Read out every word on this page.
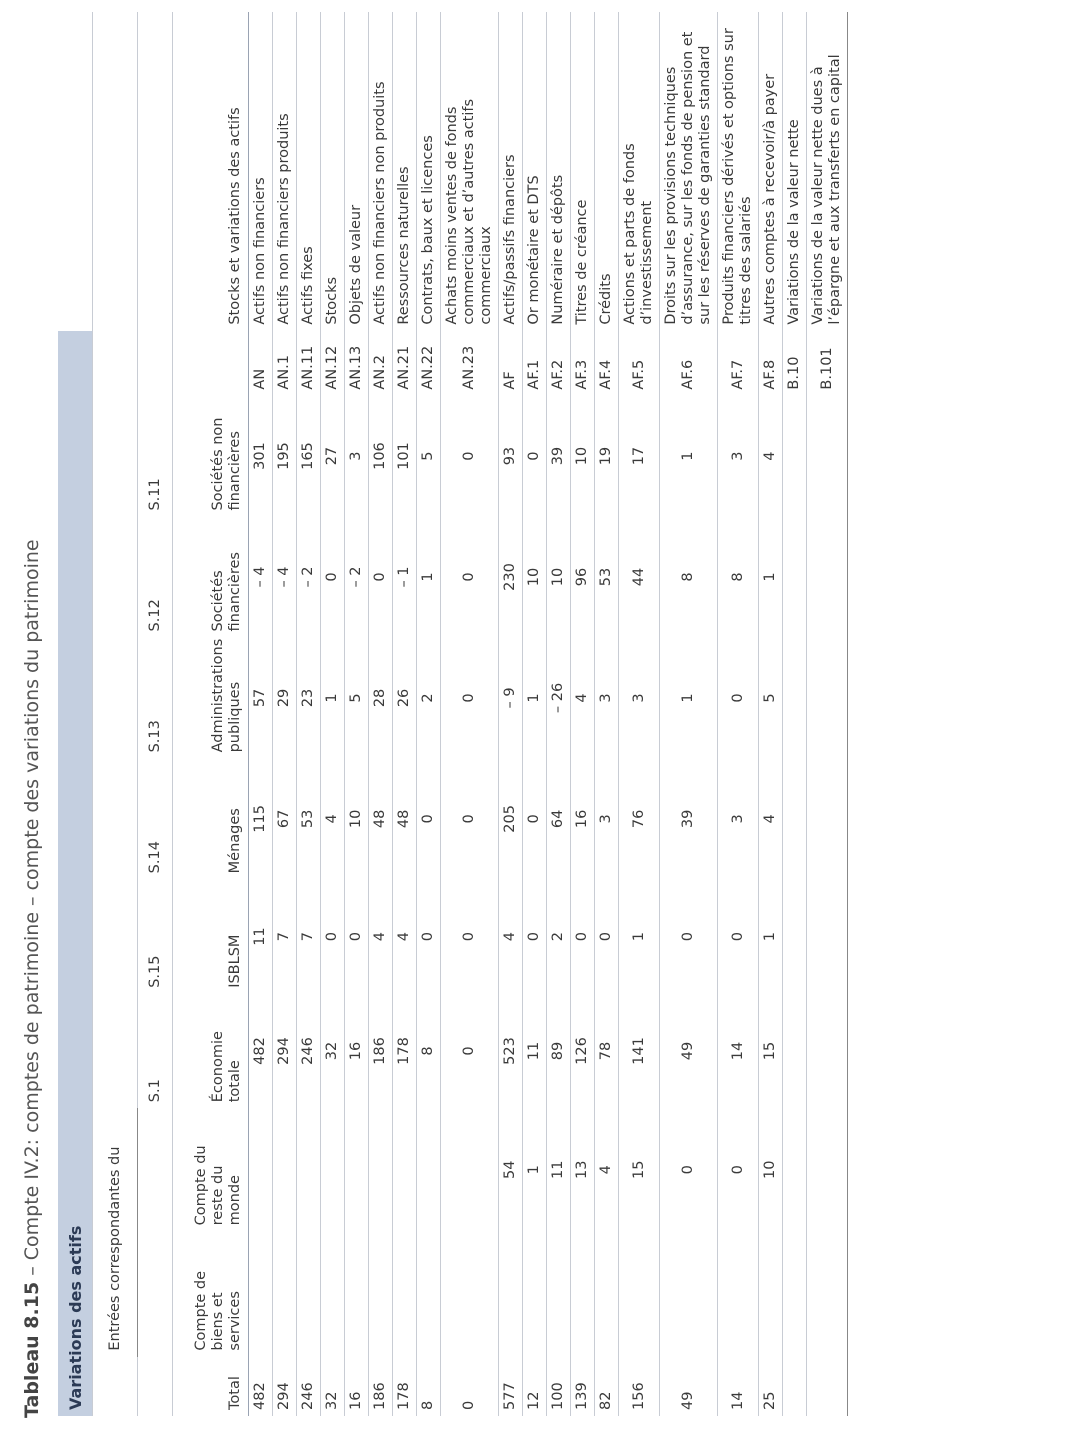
Tableau 8.15 – Compte IV.2: comptes de patrimoine – compte des variations du patrimoine
Variations des actifs										
	Entrées correspondantes du									
			S.1	S.15	S.14	S.13	S.12	S.11		
Total	Compte de biens et services	Compte du reste du monde	Économie totale	ISBLSM	Ménages	Administrations publiques	Sociétés financières	Sociétés non financières		Stocks et variations des actifs
482			482	11	115	57	– 4	301	AN	Actifs non financiers
294			294	7	67	29	– 4	195	AN.1	Actifs non financiers produits
246			246	7	53	23	– 2	165	AN.11	Actifs fixes
32			32	0	4	1	0	27	AN.12	Stocks
16			16	0	10	5	– 2	3	AN.13	Objets de valeur
186			186	4	48	28	0	106	AN.2	Actifs non financiers non produits
178			178	4	48	26	– 1	101	AN.21	Ressources naturelles
8			8	0	0	2	1	5	AN.22	Contrats, baux et licences
0			0	0	0	0	0	0	AN.23	Achats moins ventes de fonds commerciaux et d’autres actifs commerciaux
577		54	523	4	205	– 9	230	93	AF	Actifs/passifs financiers
12		1	11	0	0	1	10	0	AF.1	Or monétaire et DTS
100		11	89	2	64	– 26	10	39	AF.2	Numéraire et dépôts
139		13	126	0	16	4	96	10	AF.3	Titres de créance
82		4	78	0	3	3	53	19	AF.4	Crédits
156		15	141	1	76	3	44	17	AF.5	Actions et parts de fonds d’investissement
49		0	49	0	39	1	8	1	AF.6	Droits sur les provisions techniques d’assurance, sur les fonds de pension et sur les réserves de garanties standard
14		0	14	0	3	0	8	3	AF.7	Produits financiers dérivés et options sur titres des salariés
25		10	15	1	4	5	1	4	AF.8	Autres comptes à recevoir/à payer
									B.10	Variations de la valeur nette
									B.101	Variations de la valeur nette dues à l’épargne et aux transferts en capital
